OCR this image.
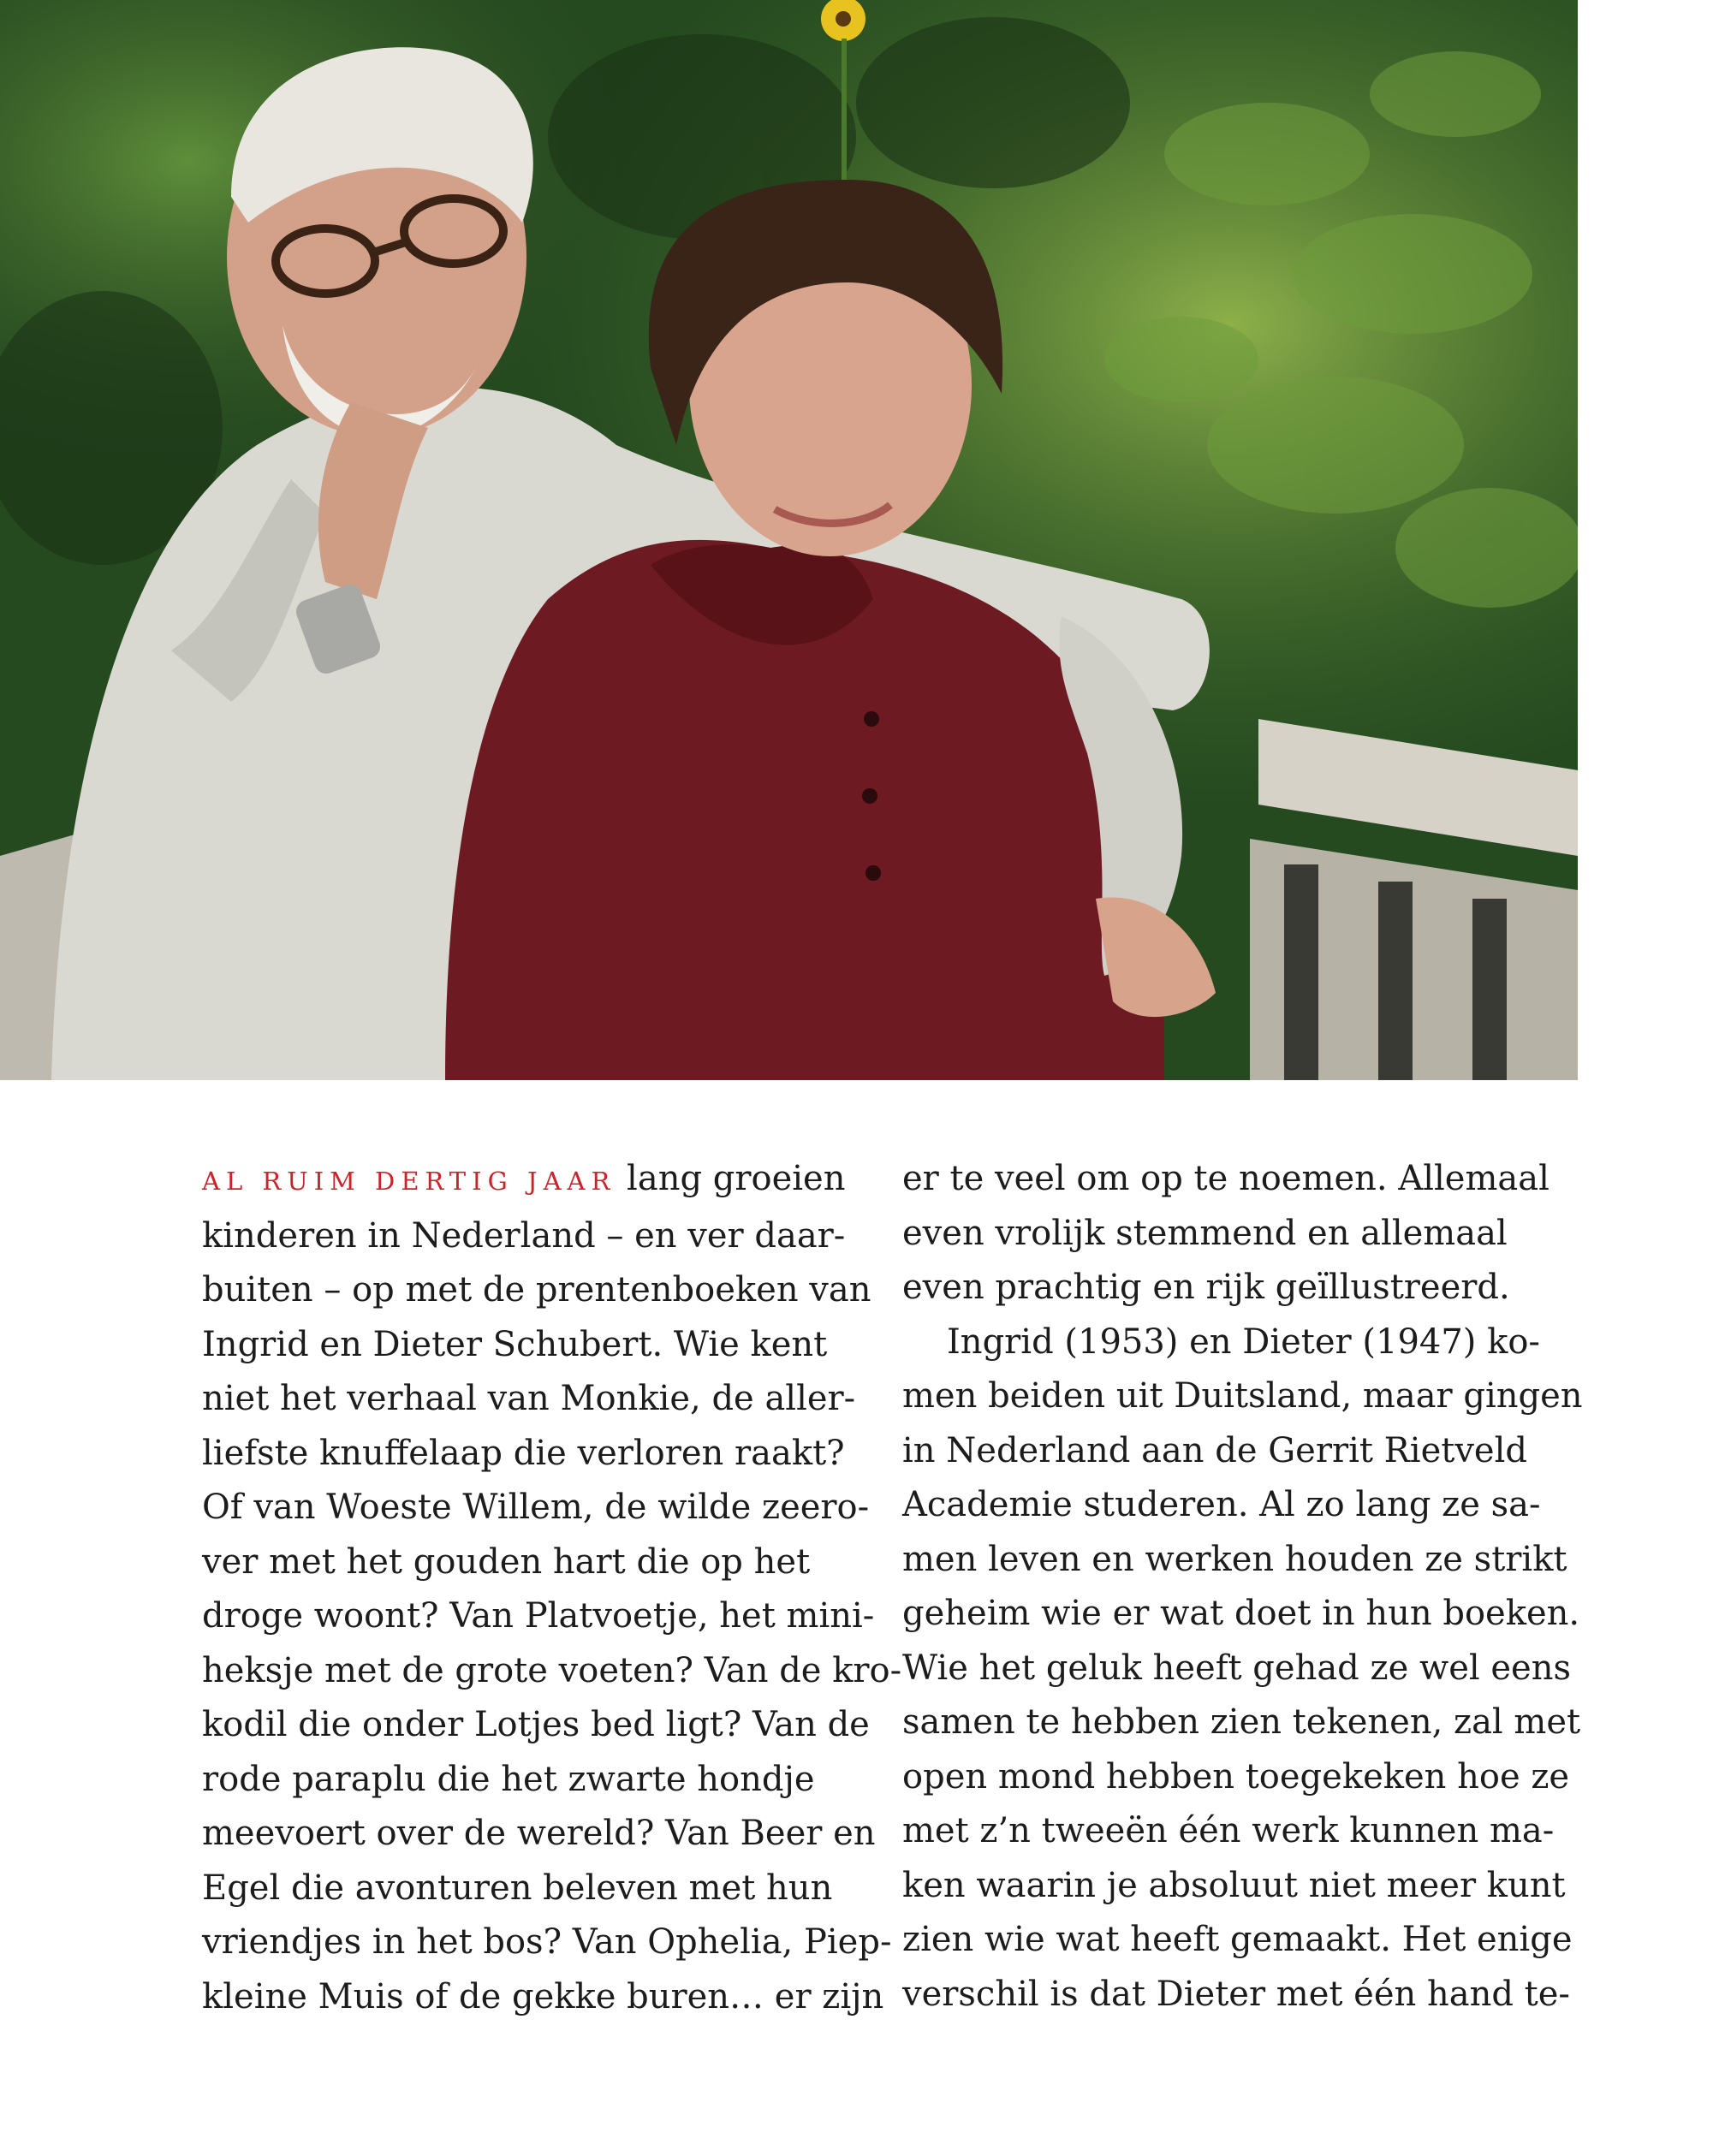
AL RUIM DERTIG JAAR lang groeien
kinderen in Nederland – en ver daar-
buiten – op met de prentenboeken van
Ingrid en Dieter Schubert. Wie kent
niet het verhaal van Monkie, de aller-
liefste knuffelaap die verloren raakt?
Of van Woeste Willem, de wilde zeero-
ver met het gouden hart die op het
droge woont? Van Platvoetje, het mini-
heksje met de grote voeten? Van de kro-
kodil die onder Lotjes bed ligt? Van de
rode paraplu die het zwarte hondje
meevoert over de wereld? Van Beer en
Egel die avonturen beleven met hun
vriendjes in het bos? Van Ophelia, Piep-
kleine Muis of de gekke buren… er zijn
er te veel om op te noemen. Allemaal
even vrolijk stemmend en allemaal
even prachtig en rijk geïllustreerd.
Ingrid (1953) en Dieter (1947) ko-
men beiden uit Duitsland, maar gingen
in Nederland aan de Gerrit Rietveld
Academie studeren. Al zo lang ze sa-
men leven en werken houden ze strikt
geheim wie er wat doet in hun boeken.
Wie het geluk heeft gehad ze wel eens
samen te hebben zien tekenen, zal met
open mond hebben toegekeken hoe ze
met z’n tweeën één werk kunnen ma-
ken waarin je absoluut niet meer kunt
zien wie wat heeft gemaakt. Het enige
verschil is dat Dieter met één hand te-
